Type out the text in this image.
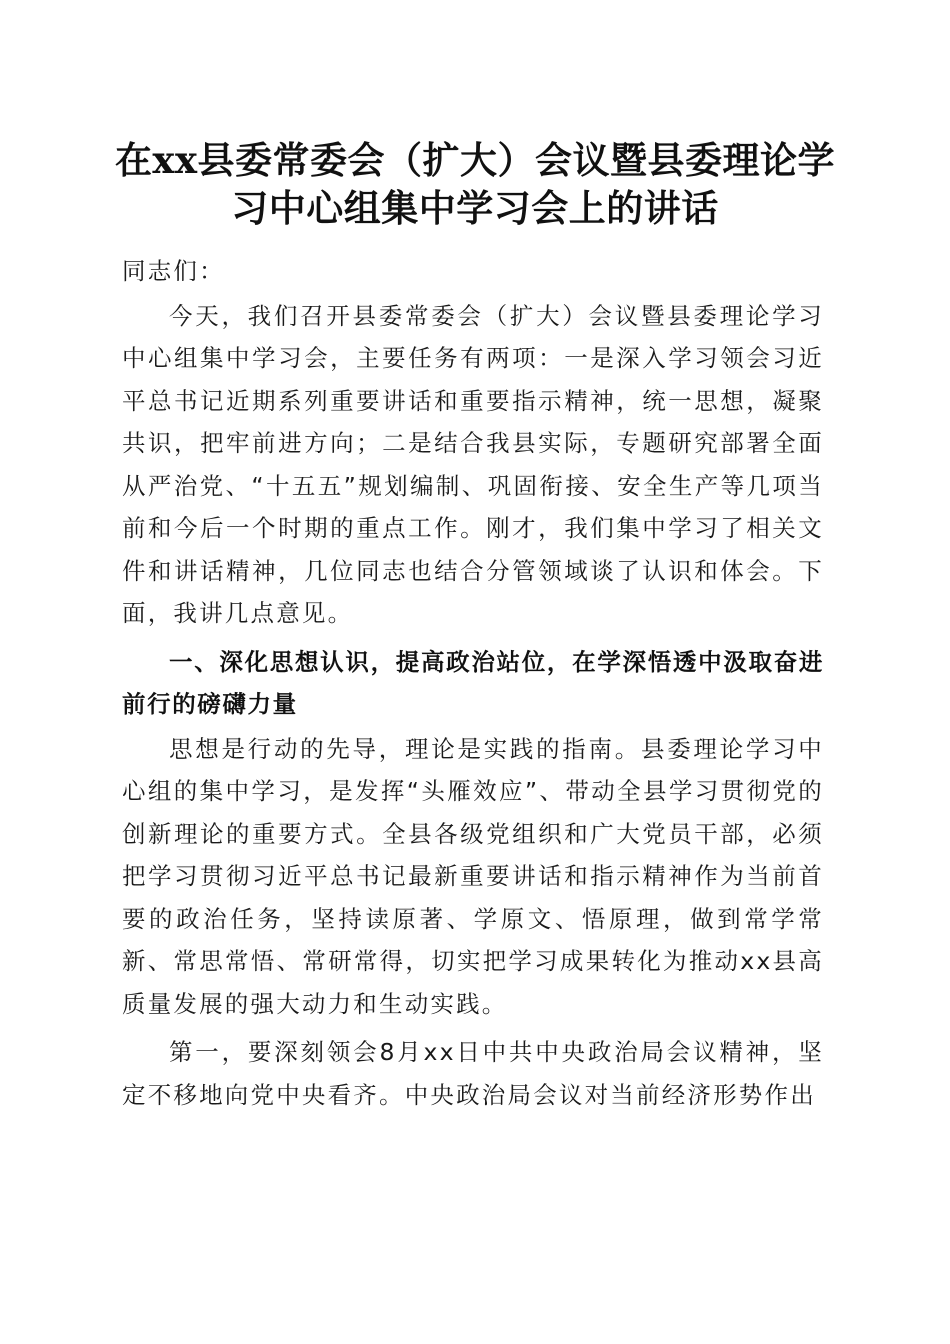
在xx县委常委会（扩大）会议暨县委理论学习中心组集中学习会上的讲话

同志们：

今天，我们召开县委常委会（扩大）会议暨县委理论学习中心组集中学习会，主要任务有两项：一是深入学习领会习近平总书记近期系列重要讲话和重要指示精神，统一思想，凝聚共识，把牢前进方向；二是结合我县实际，专题研究部署全面从严治党、“十五五”规划编制、巩固衔接、安全生产等几项当前和今后一个时期的重点工作。刚才，我们集中学习了相关文件和讲话精神，几位同志也结合分管领域谈了认识和体会。下面，我讲几点意见。

一、深化思想认识，提高政治站位，在学深悟透中汲取奋进前行的磅礴力量

思想是行动的先导，理论是实践的指南。县委理论学习中心组的集中学习，是发挥“头雁效应”、带动全县学习贯彻党的创新理论的重要方式。全县各级党组织和广大党员干部，必须把学习贯彻习近平总书记最新重要讲话和指示精神作为当前首要的政治任务，坚持读原著、学原文、悟原理，做到常学常新、常思常悟、常研常得，切实把学习成果转化为推动xx县高质量发展的强大动力和生动实践。

第一，要深刻领会8月xx日中共中央政治局会议精神，坚定不移地向党中央看齐。中央政治局会议对当前经济形势作出
